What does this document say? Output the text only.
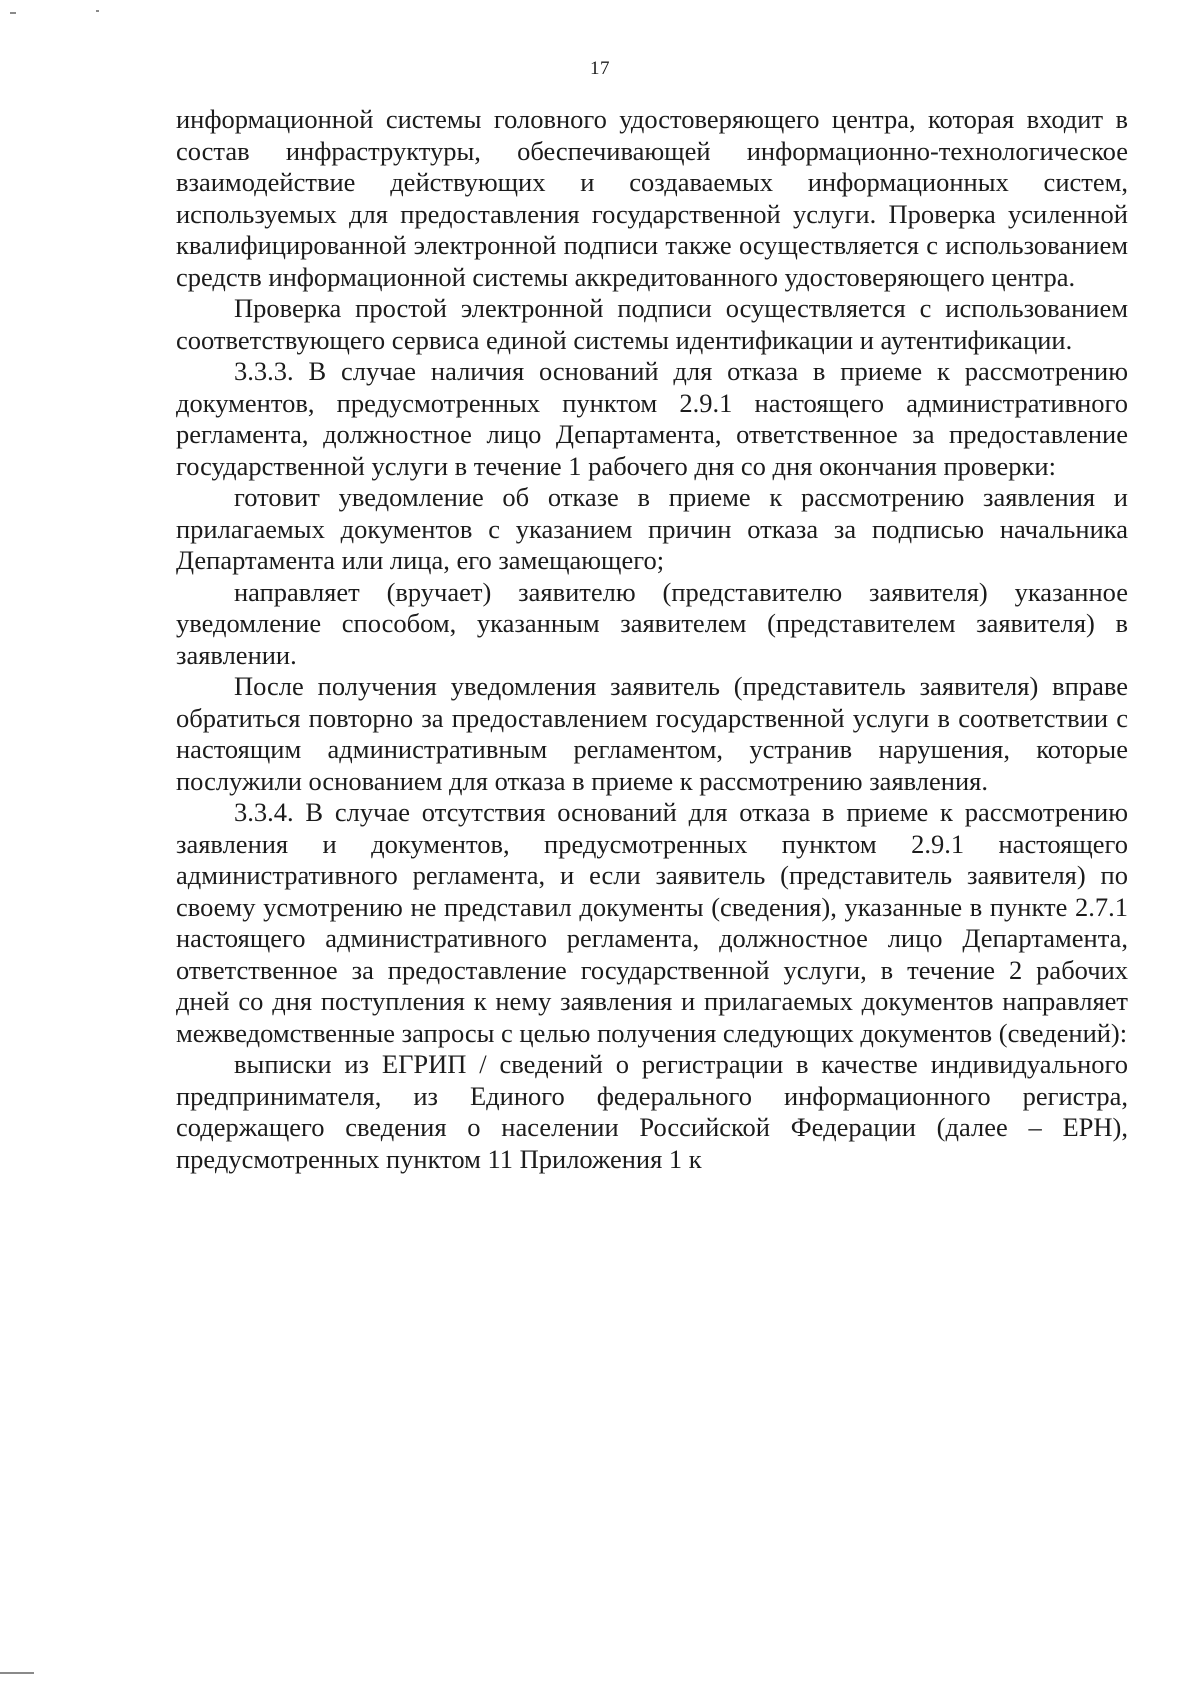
17

информационной системы головного удостоверяющего центра, которая входит в состав инфраструктуры, обеспечивающей информационно-технологическое взаимодействие действующих и создаваемых информационных систем, используемых для предоставления государственной услуги. Проверка усиленной квалифицированной электронной подписи также осуществляется с использованием средств информационной системы аккредитованного удостоверяющего центра.

Проверка простой электронной подписи осуществляется с использованием соответствующего сервиса единой системы идентификации и аутентификации.

3.3.3. В случае наличия оснований для отказа в приеме к рассмотрению документов, предусмотренных пунктом 2.9.1 настоящего административного регламента, должностное лицо Департамента, ответственное за предоставление государственной услуги в течение 1 рабочего дня со дня окончания проверки:

готовит уведомление об отказе в приеме к рассмотрению заявления и прилагаемых документов с указанием причин отказа за подписью начальника Департамента или лица, его замещающего;

направляет (вручает) заявителю (представителю заявителя) указанное уведомление способом, указанным заявителем (представителем заявителя) в заявлении.

После получения уведомления заявитель (представитель заявителя) вправе обратиться повторно за предоставлением государственной услуги в соответствии с настоящим административным регламентом, устранив нарушения, которые послужили основанием для отказа в приеме к рассмотрению заявления.

3.3.4. В случае отсутствия оснований для отказа в приеме к рассмотрению заявления и документов, предусмотренных пунктом 2.9.1 настоящего административного регламента, и если заявитель (представитель заявителя) по своему усмотрению не представил документы (сведения), указанные в пункте 2.7.1 настоящего административного регламента, должностное лицо Департамента, ответственное за предоставление государственной услуги, в течение 2 рабочих дней со дня поступления к нему заявления и прилагаемых документов направляет межведомственные запросы с целью получения следующих документов (сведений):

выписки из ЕГРИП / сведений о регистрации в качестве индивидуального предпринимателя, из Единого федерального информационного регистра, содержащего сведения о населении Российской Федерации (далее – ЕРН), предусмотренных пунктом 11 Приложения 1 к
